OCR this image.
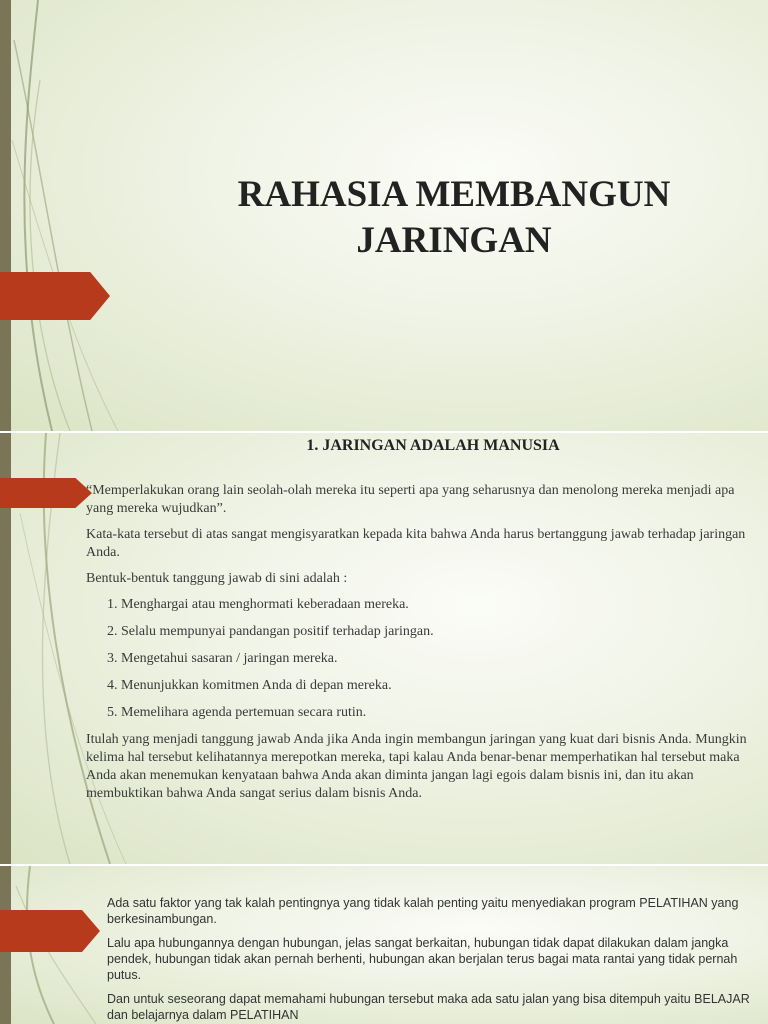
RAHASIA MEMBANGUN
JARINGAN
1. JARINGAN ADALAH MANUSIA

“Memperlakukan orang lain seolah-olah mereka itu seperti apa yang seharusnya dan menolong mereka menjadi apa yang mereka wujudkan”.

Kata-kata tersebut di atas sangat mengisyaratkan kepada kita bahwa Anda harus bertanggung jawab terhadap jaringan Anda.

Bentuk-bentuk tanggung jawab di sini adalah :

1. Menghargai atau menghormati keberadaan mereka.
2. Selalu mempunyai pandangan positif terhadap jaringan.
3. Mengetahui sasaran / jaringan mereka.
4. Menunjukkan komitmen Anda di depan mereka.
5. Memelihara agenda pertemuan secara rutin.

Itulah yang menjadi tanggung jawab Anda jika Anda ingin membangun jaringan yang kuat dari bisnis Anda. Mungkin kelima hal tersebut kelihatannya merepotkan mereka, tapi kalau Anda benar-benar memperhatikan hal tersebut maka Anda akan menemukan kenyataan bahwa Anda akan diminta jangan lagi egois dalam bisnis ini, dan itu akan membuktikan bahwa Anda sangat serius dalam bisnis Anda.

Ada satu faktor yang tak kalah pentingnya yang tidak kalah penting yaitu menyediakan program PELATIHAN yang berkesinambungan.

Lalu apa hubungannya dengan hubungan, jelas sangat berkaitan, hubungan tidak dapat dilakukan dalam jangka pendek, hubungan tidak akan pernah berhenti, hubungan akan berjalan terus bagai mata rantai yang tidak pernah putus.

Dan untuk seseorang dapat memahami hubungan tersebut maka ada satu jalan yang bisa ditempuh yaitu BELAJAR dan belajarnya dalam PELATIHAN
